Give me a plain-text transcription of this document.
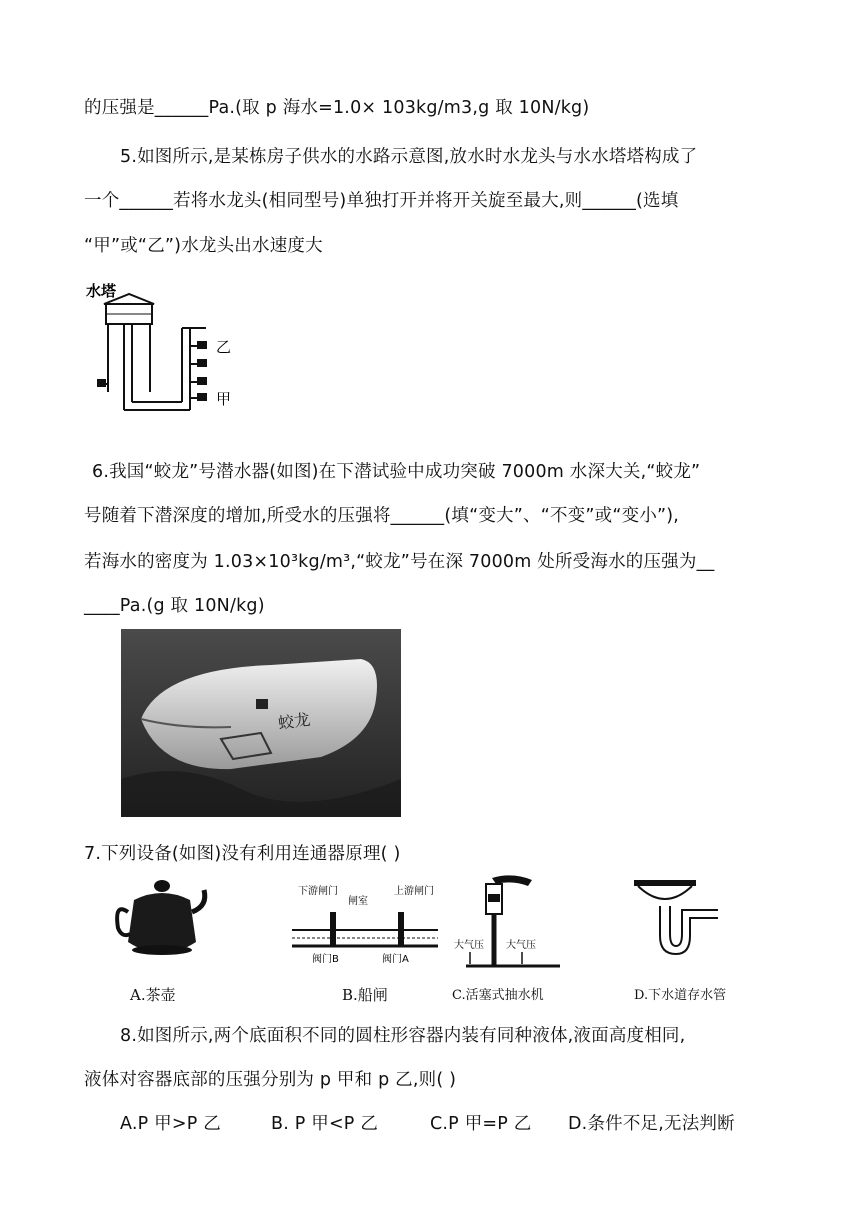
的压强是______Pa.(取 p 海水=1.0× 103kg/m3,g 取 10N/kg)
5.如图所示,是某栋房子供水的水路示意图,放水时水龙头与水水塔塔构成了
一个______若将水龙头(相同型号)单独打开并将开关旋至最大,则______(选填
“甲”或“乙”)水龙头出水速度大
水塔
乙
甲
6.我国“蛟龙”号潜水器(如图)在下潜试验中成功突破 7000m 水深大关,“蛟龙”
号随着下潜深度的增加,所受水的压强将______(填“变大”、“不变”或“变小”),
若海水的密度为 1.03×10³kg/m³,“蛟龙”号在深 7000m 处所受海水的压强为__
____Pa.(g 取 10N/kg)
蛟龙
7.下列设备(如图)没有利用连通器原理( )
A.茶壶
下游闸门
闸室
上游闸门
阀门B	阀门A
B.船闸
大气压 大气压
C.活塞式抽水机	D.下水道存水管
8.如图所示,两个底面积不同的圆柱形容器内装有同种液体,液面高度相同,
液体对容器底部的压强分别为 p 甲和 p 乙,则( )
A.P 甲>P 乙	B. P 甲<P 乙	C.P 甲=P 乙 D.条件不足,无法判断
